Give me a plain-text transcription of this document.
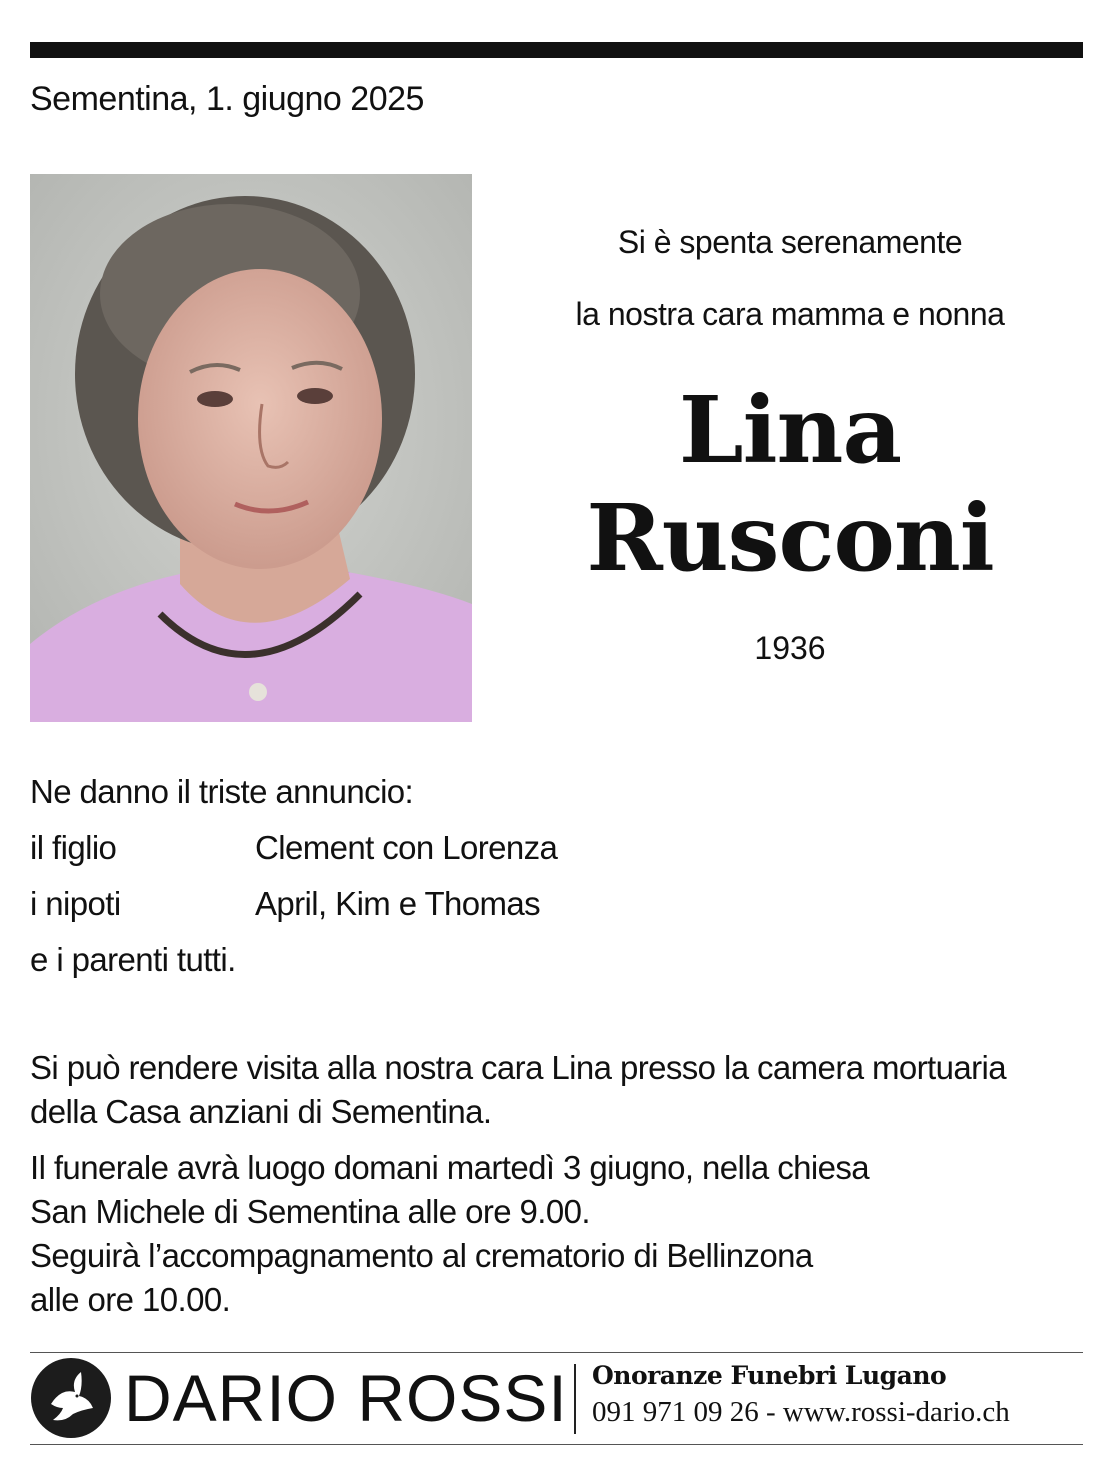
Sementina, 1. giugno 2025
Si è spenta serenamente
la nostra cara mamma e nonna
Lina
Rusconi
1936
Ne danno il triste annuncio:
il figlio	Clement con Lorenza
i nipoti	April, Kim e Thomas
e i parenti tutti.
Si può rendere visita alla nostra cara Lina presso la camera mortuaria
della Casa anziani di Sementina.
Il funerale avrà luogo domani martedì 3 giugno, nella chiesa
San Michele di Sementina alle ore 9.00.
Seguirà l’accompagnamento al crematorio di Bellinzona
alle ore 10.00.
DARIO ROSSI Onoranze Funebri Lugano
091 971 09 26 - www.rossi-dario.ch
